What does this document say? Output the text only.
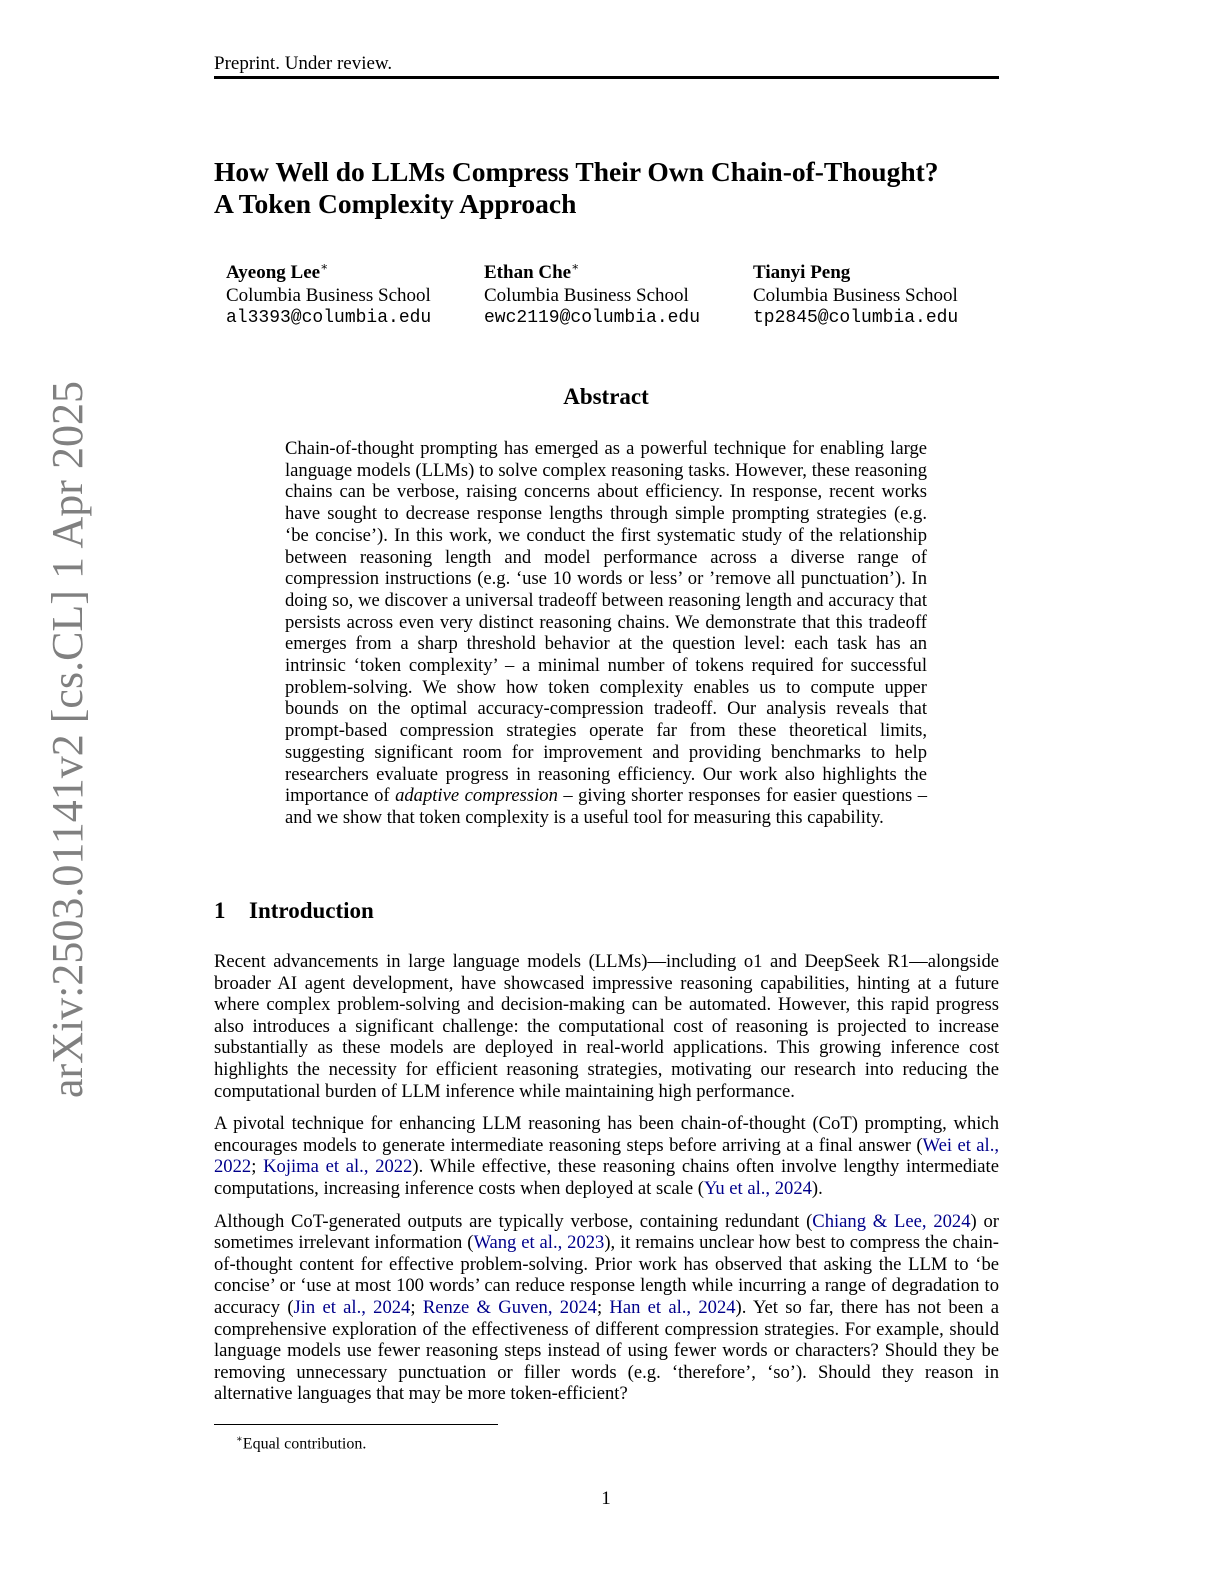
Preprint. Under review.
How Well do LLMs Compress Their Own Chain-of-Thought?
A Token Complexity Approach
Ayeong Lee∗
Columbia Business School
al3393@columbia.edu
Ethan Che∗
Columbia Business School
ewc2119@columbia.edu
Tianyi Peng
Columbia Business School
tp2845@columbia.edu
Abstract
Chain-of-thought prompting has emerged as a powerful technique for enabling large language models (LLMs) to solve complex reasoning tasks. However, these reasoning chains can be verbose, raising concerns about efficiency. In response, recent works have sought to decrease response lengths through simple prompting strategies (e.g. ‘be concise’). In this work, we conduct the first systematic study of the relationship between reasoning length and model performance across a diverse range of compression instructions (e.g. ‘use 10 words or less’ or ’remove all punctuation’). In doing so, we discover a universal tradeoff between reasoning length and accuracy that persists across even very distinct reasoning chains. We demonstrate that this tradeoff emerges from a sharp threshold behavior at the question level: each task has an intrinsic ‘token complexity’ – a minimal number of tokens required for successful problem-solving. We show how token complexity enables us to compute upper bounds on the optimal accuracy-compression tradeoff. Our analysis reveals that prompt-based compression strategies operate far from these theoretical limits, suggesting significant room for improvement and providing benchmarks to help researchers evaluate progress in reasoning efficiency. Our work also highlights the importance of adaptive compression – giving shorter responses for easier questions – and we show that token complexity is a useful tool for measuring this capability.
1 Introduction

Recent advancements in large language models (LLMs)—including o1 and DeepSeek R1—alongside broader AI agent development, have showcased impressive reasoning capabilities, hinting at a future where complex problem-solving and decision-making can be automated. However, this rapid progress also introduces a significant challenge: the computational cost of reasoning is projected to increase substantially as these models are deployed in real-world applications. This growing inference cost highlights the necessity for efficient reasoning strategies, motivating our research into reducing the computational burden of LLM inference while maintaining high performance.

A pivotal technique for enhancing LLM reasoning has been chain-of-thought (CoT) prompting, which encourages models to generate intermediate reasoning steps before arriving at a final answer (Wei et al., 2022; Kojima et al., 2022). While effective, these reasoning chains often involve lengthy intermediate computations, increasing inference costs when deployed at scale (Yu et al., 2024).

Although CoT-generated outputs are typically verbose, containing redundant (Chiang & Lee, 2024) or sometimes irrelevant information (Wang et al., 2023), it remains unclear how best to compress the chain-of-thought content for effective problem-solving. Prior work has observed that asking the LLM to ‘be concise’ or ‘use at most 100 words’ can reduce response length while incurring a range of degradation to accuracy (Jin et al., 2024; Renze & Guven, 2024; Han et al., 2024). Yet so far, there has not been a comprehensive exploration of the effectiveness of different compression strategies. For example, should language models use fewer reasoning steps instead of using fewer words or characters? Should they be removing unnecessary punctuation or filler words (e.g. ‘therefore’, ‘so’). Should they reason in alternative languages that may be more token-efficient?

∗Equal contribution.
1
arXiv:2503.01141v2 [cs.CL] 1 Apr 2025
